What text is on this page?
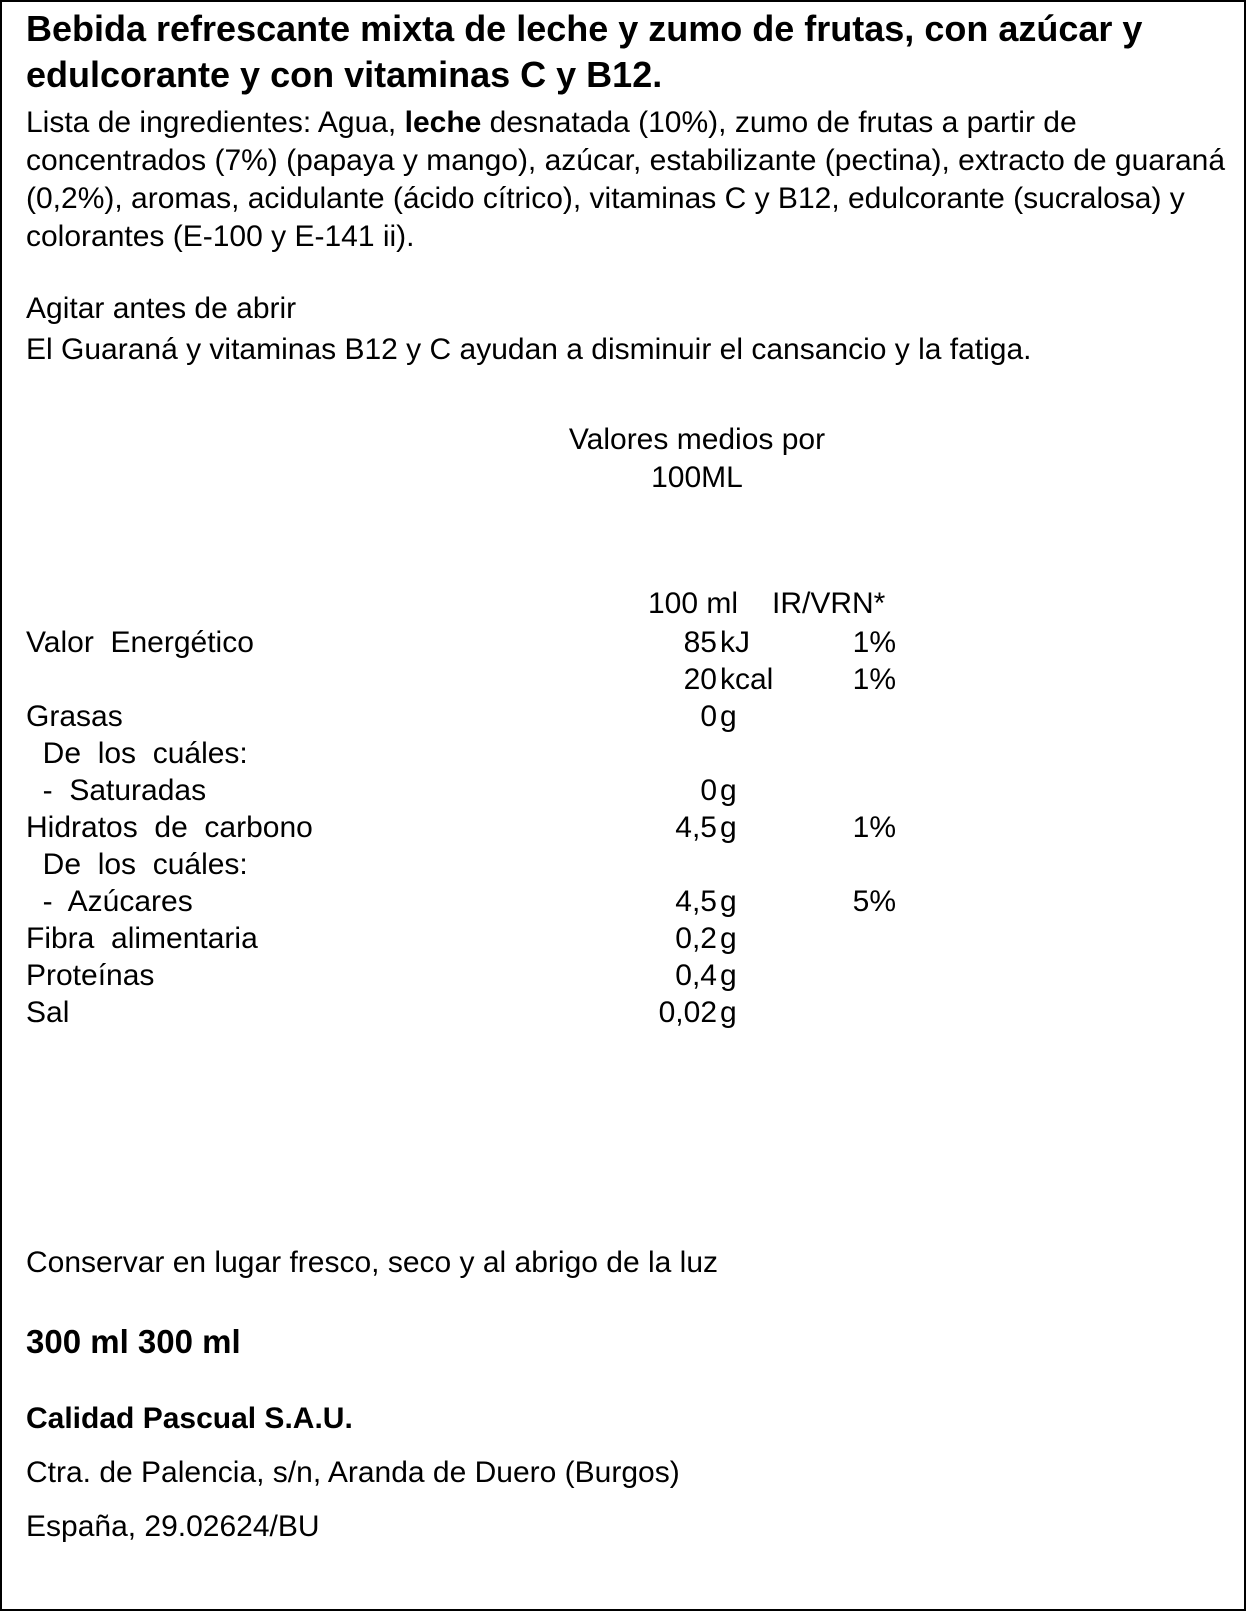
Bebida refrescante mixta de leche y zumo de frutas, con azúcar y edulcorante y con vitaminas C y B12.
Lista de ingredientes: Agua, leche desnatada (10%), zumo de frutas a partir de concentrados (7%) (papaya y mango), azúcar, estabilizante (pectina), extracto de guaraná (0,2%), aromas, acidulante (ácido cítrico), vitaminas C y B12, edulcorante (sucralosa) y colorantes (E-100 y E-141 ii).
Agitar antes de abrir
El Guaraná y vitaminas B12 y C ayudan a disminuir el cansancio y la fatiga.
Valores medios por
100ML
100 ml IR/VRN*
Valor  Energético	85 kJ	1%
20 kcal	1%
Grasas	0 g
De  los  cuáles:
-  Saturadas	0 g
Hidratos  de  carbono	4,5 g	1%
De  los  cuáles:
-  Azúcares	4,5 g	5%
Fibra  alimentaria	0,2 g
Proteínas	0,4 g
Sal	0,02 g
Conservar en lugar fresco, seco y al abrigo de la luz
300 ml 300 ml
Calidad Pascual S.A.U.
Ctra. de Palencia, s/n, Aranda de Duero (Burgos)
España, 29.02624/BU
